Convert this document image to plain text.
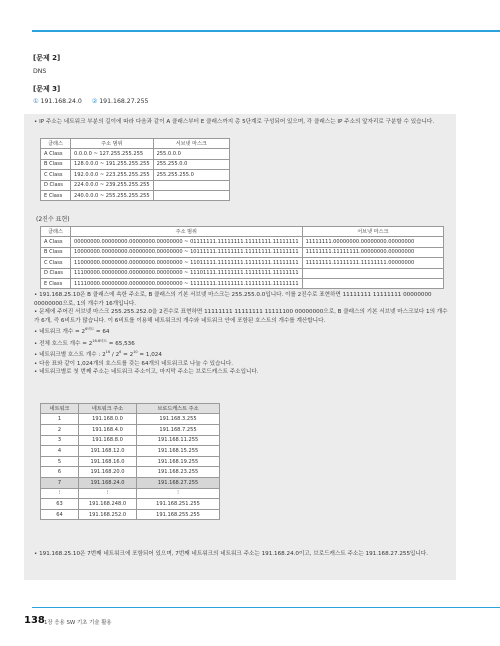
[문제 2]
DNS
[문제 3]
① 191.168.24.0 ② 191.168.27.255
• IP 주소는 네트워크 부분의 길이에 따라 다음과 같이 A 클래스부터 E 클래스까지 총 5단계로 구성되어 있으며, 각 클래스는 IP 주소의 앞자리로 구분할 수 있습니다.
클래스	주소 범위	서브넷 마스크
A Class	0.0.0.0 ~ 127.255.255.255	255.0.0.0
B Class	128.0.0.0 ~ 191.255.255.255	255.255.0.0
C Class	192.0.0.0 ~ 223.255.255.255	255.255.255.0
D Class	224.0.0.0 ~ 239.255.255.255	
E Class	240.0.0.0 ~ 255.255.255.255	
(2진수 표현)
클래스	주소 범위	서브넷 마스크
A Class	00000000.00000000.00000000.00000000 ~ 01111111.11111111.11111111.11111111	11111111.00000000.00000000.00000000
B Class	10000000.00000000.00000000.00000000 ~ 10111111.11111111.11111111.11111111	11111111.11111111.00000000.00000000
C Class	11000000.00000000.00000000.00000000 ~ 11011111.11111111.11111111.11111111	11111111.11111111.11111111.00000000
D Class	11100000.00000000.00000000.00000000 ~ 11101111.11111111.11111111.11111111	
E Class	11110000.00000000.00000000.00000000 ~ 11111111.11111111.11111111.11111111	
• 191.168.25.10은 B 클래스에 속한 주소로, B 클래스의 기본 서브넷 마스크는 255.255.0.0입니다. 이를 2진수로 표현하면 11111111 11111111 00000000 00000000으로, 1의 개수가 16개입니다.
• 문제에 주어진 서브넷 마스크 255.255.252.0을 2진수로 표현하면 11111111 11111111 11111100 00000000으로, B 클래스의 기본 서브넷 마스크보다 1의 개수가 6개, 즉 6비트가 많습니다. 이 6비트를 이용해 네트워크의 개수와 네트워크 안에 포함된 호스트의 개수를 계산합니다.
• 네트워크 개수 = $2^{6비트} = 64$
• 전체 호스트 개수 = $2^{16-6비트} = 65,536$
• 네트워크별 호스트 개수 : $2^{16} / 2^6 = 2^{10} = 1,024$
• 다음 표와 같이 1,024개의 호스트를 갖는 64개의 네트워크로 나눌 수 있습니다.
• 네트워크별로 첫 번째 주소는 네트워크 주소이고, 마지막 주소는 브로드캐스트 주소입니다.
네트워크	네트워크 주소	브로드캐스트 주소
1	191.168.0.0	191.168.3.255
2	191.168.4.0	191.168.7.255
3	191.168.8.0	191.168.11.255
4	191.168.12.0	191.168.15.255
5	191.168.16.0	191.168.19.255
6	191.168.20.0	191.168.23.255
7	191.168.24.0	191.168.27.255
⁝	⁝	⁝
63	191.168.248.0	191.168.251.255
64	191.168.252.0	191.168.255.255
• 191.168.25.10은 7번째 네트워크에 포함되어 있으며, 7번째 네트워크의 네트워크 주소는 191.168.24.0이고, 브로드캐스트 주소는 191.168.27.255입니다.
138 1장 응용 SW 기초 기술 활용
